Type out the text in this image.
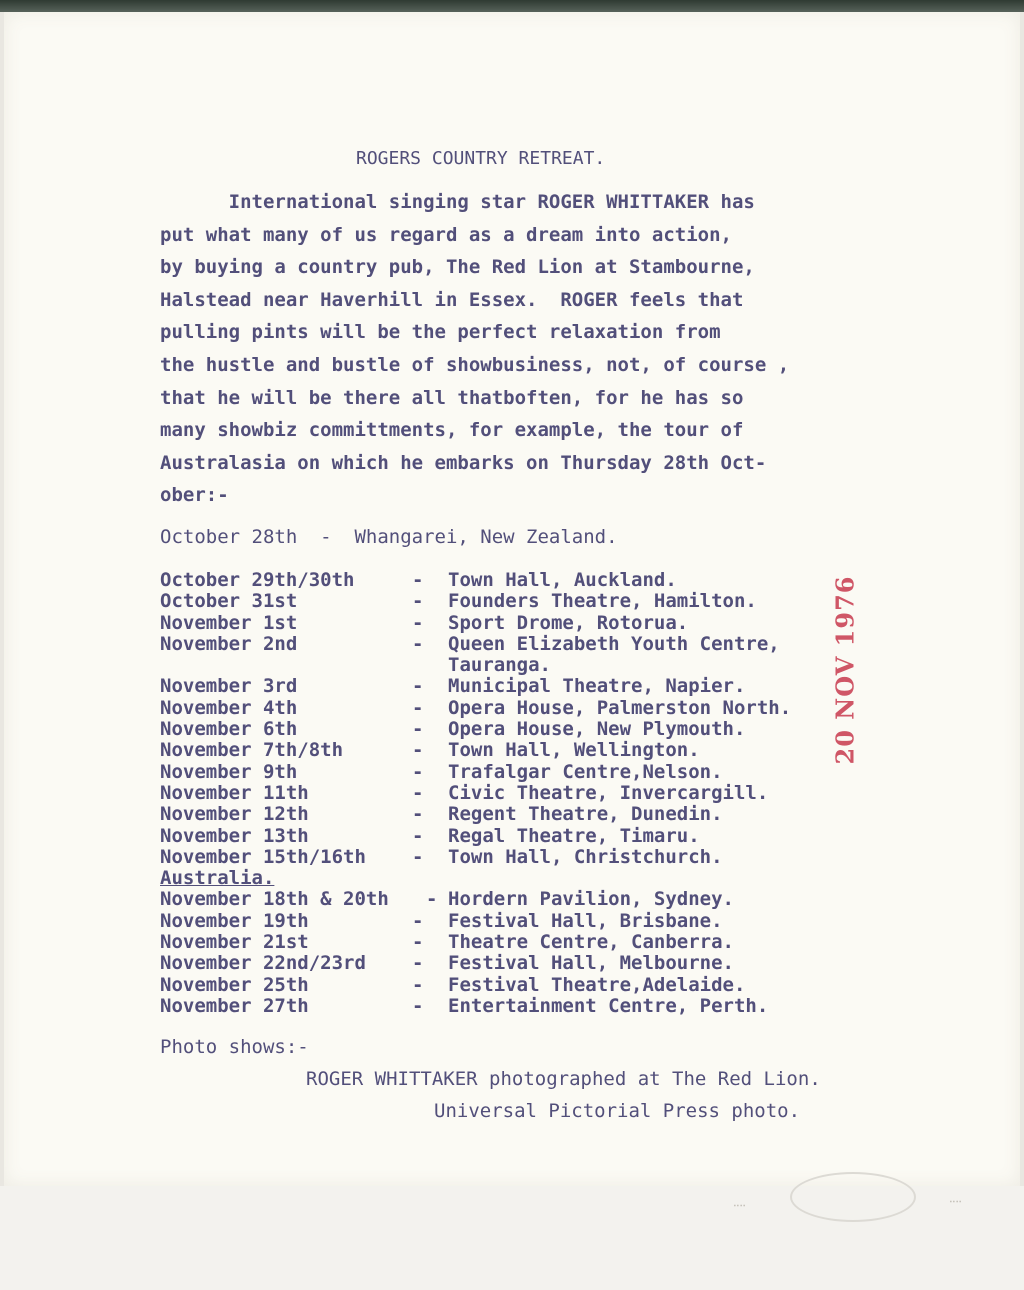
⁞	⁞
ROGERS COUNTRY RETREAT.
International singing star ROGER WHITTAKER has
put what many of us regard as a dream into action,
by buying a country pub, The Red Lion at Stambourne,
Halstead near Haverhill in Essex.  ROGER feels that
pulling pints will be the perfect relaxation from
the hustle and bustle of showbusiness, not, of course ,
that he will be there all thatboften, for he has so
many showbiz committments, for example, the tour of
Australasia on which he embarks on Thursday 28th Oct-
ober:-
October 28th  -  Whangarei, New Zealand.
October 29th/30th	-	Town Hall, Auckland.
October 31st	-	Founders Theatre, Hamilton.
November 1st	-	Sport Drome, Rotorua.
November 2nd	-	Queen Elizabeth Youth Centre,
Tauranga.
November 3rd	-	Municipal Theatre, Napier.
November 4th	-	Opera House, Palmerston North.
November 6th	-	Opera House, New Plymouth.
November 7th/8th	-	Town Hall, Wellington.
November 9th	-	Trafalgar Centre,Nelson.
November 11th	-	Civic Theatre, Invercargill.
November 12th	-	Regent Theatre, Dunedin.
November 13th	-	Regal Theatre, Timaru.
November 15th/16th	-	Town Hall, Christchurch.
Australia.
November 18th & 20th	- Hordern Pavilion, Sydney.
November 19th	-	Festival Hall, Brisbane.
November 21st	-	Theatre Centre, Canberra.
November 22nd/23rd	-	Festival Hall, Melbourne.
November 25th	-	Festival Theatre,Adelaide.
November 27th	-	Entertainment Centre, Perth.
Photo shows:-
ROGER WHITTAKER photographed at The Red Lion.
Universal Pictorial Press photo.
20 NOV 1976
